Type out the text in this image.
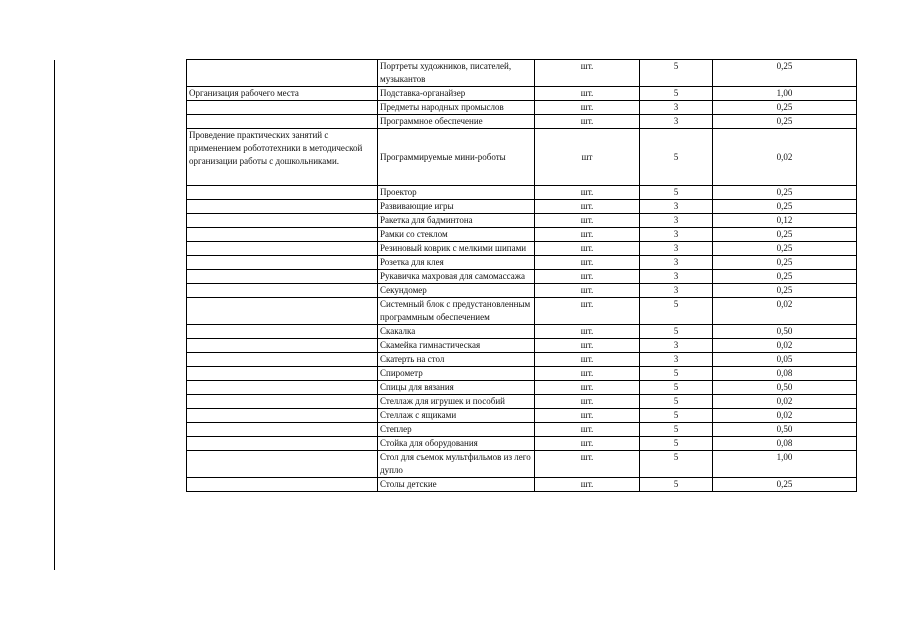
	Портреты художников, писателей, музыкантов	шт.	5	0,25
Организация рабочего места	Подставка-органайзер	шт.	5	1,00
	Предметы народных промыслов	шт.	3	0,25
	Программное обеспечение	шт.	3	0,25
Проведение практических занятий с применением робототехники в методической организации работы с дошкольниками.	Программируемые мини-роботы	шт	5	0,02
	Проектор	шт.	5	0,25
	Развивающие игры	шт.	3	0,25
	Ракетка для бадминтона	шт.	3	0,12
	Рамки со стеклом	шт.	3	0,25
	Резиновый коврик с мелкими шипами	шт.	3	0,25
	Розетка для клея	шт.	3	0,25
	Рукавичка махровая для самомассажа	шт.	3	0,25
	Секундомер	шт.	3	0,25
	Системный блок с предустановленным программным обеспечением	шт.	5	0,02
	Скакалка	шт.	5	0,50
	Скамейка гимнастическая	шт.	3	0,02
	Скатерть на стол	шт.	3	0,05
	Спирометр	шт.	5	0,08
	Спицы для вязания	шт.	5	0,50
	Стеллаж для игрушек и пособий	шт.	5	0,02
	Стеллаж с ящиками	шт.	5	0,02
	Степлер	шт.	5	0,50
	Стойка для оборудования	шт.	5	0,08
	Стол для съемок мультфильмов из лего дупло	шт.	5	1,00
	Столы детские	шт.	5	0,25
